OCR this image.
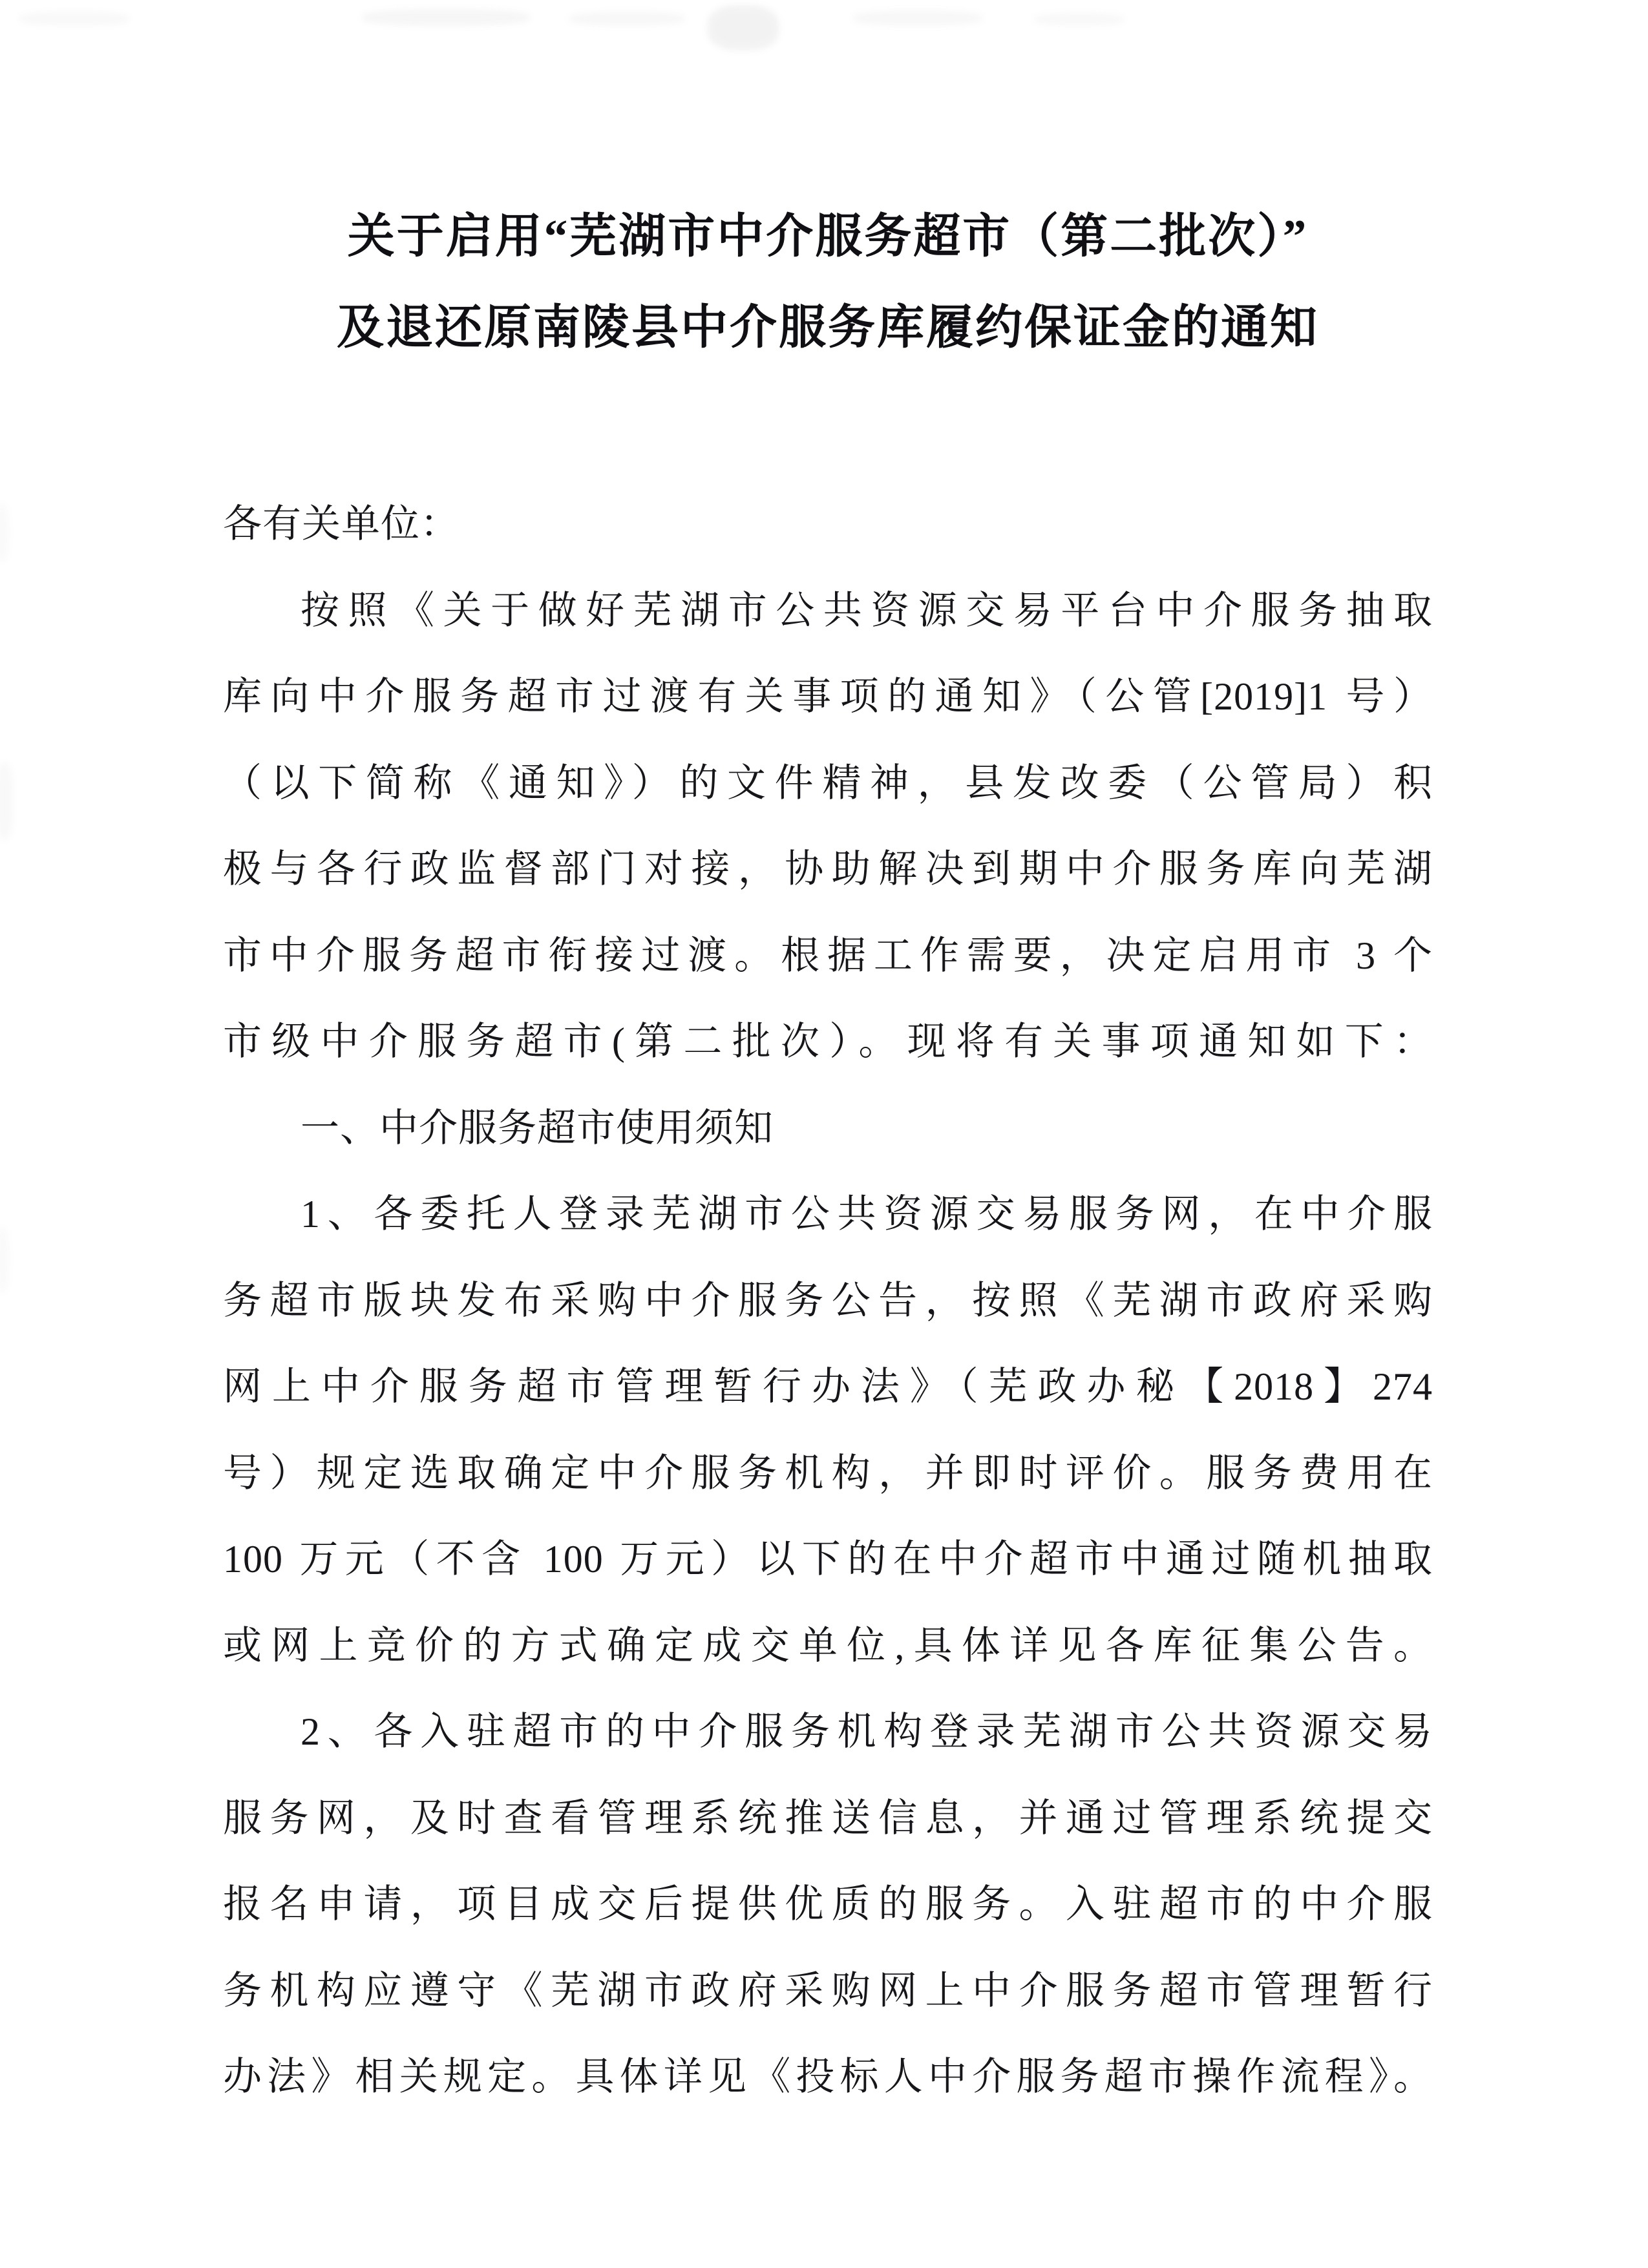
关于启用“芜湖市中介服务超市（第二批次）”
及退还原南陵县中介服务库履约保证金的通知
各有关单位：
按照《关于做好芜湖市公共资源交易平台中介服务抽取
库向中介服务超市过渡有关事项的通知》（公管[2019]1 号）
（以下简称《通知》）的文件精神，县发改委（公管局）积
极与各行政监督部门对接，协助解决到期中介服务库向芜湖
市中介服务超市衔接过渡。根据工作需要，决定启用市 3 个
市级中介服务超市(第二批次）。现将有关事项通知如下：
一、中介服务超市使用须知
1、各委托人登录芜湖市公共资源交易服务网，在中介服
务超市版块发布采购中介服务公告，按照《芜湖市政府采购
网上中介服务超市管理暂行办法》（芜政办秘【2018】274
号）规定选取确定中介服务机构，并即时评价。服务费用在
100 万元（不含 100 万元）以下的在中介超市中通过随机抽取
或网上竞价的方式确定成交单位,具体详见各库征集公告。
2、各入驻超市的中介服务机构登录芜湖市公共资源交易
服务网，及时查看管理系统推送信息，并通过管理系统提交
报名申请，项目成交后提供优质的服务。入驻超市的中介服
务机构应遵守《芜湖市政府采购网上中介服务超市管理暂行
办法》相关规定。具体详见《投标人中介服务超市操作流程》。
